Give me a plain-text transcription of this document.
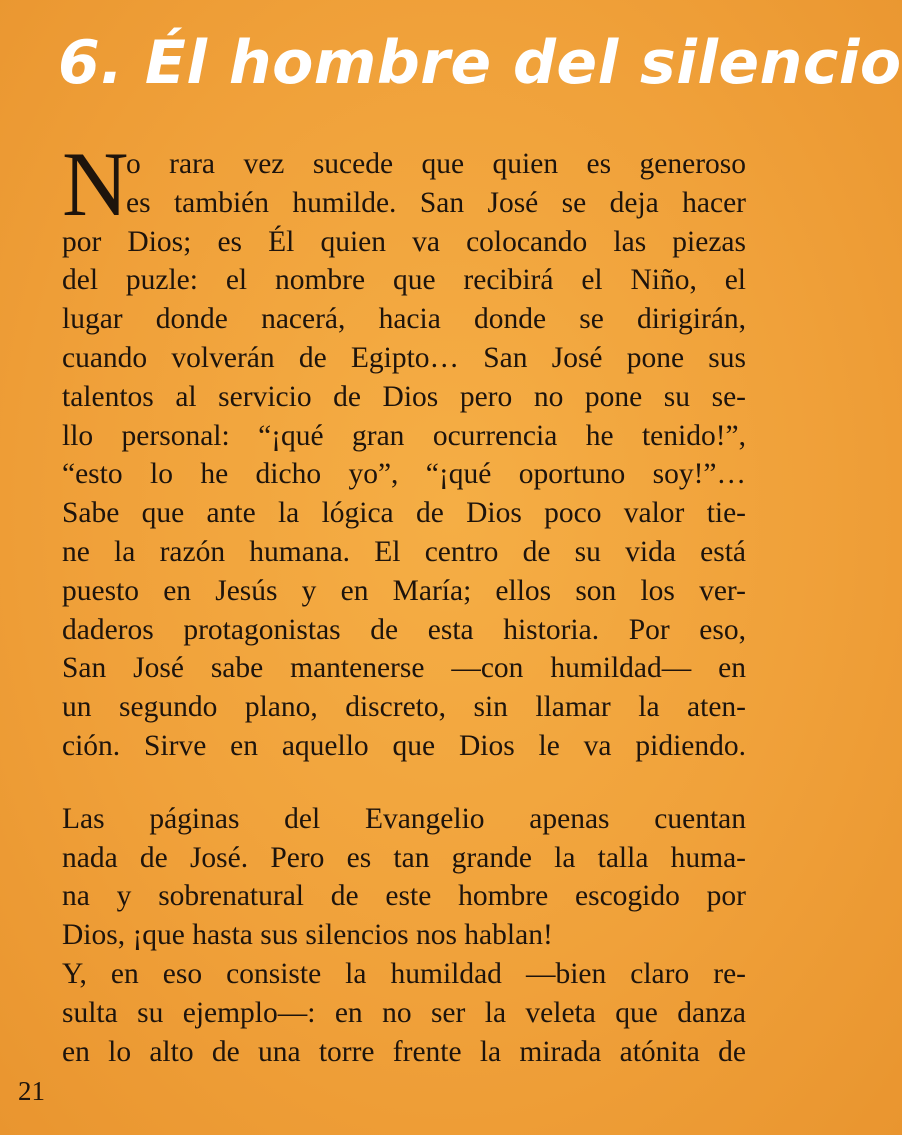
6. Él hombre del silencio
N
o rara vez sucede que quien es generoso
es también humilde. San José se deja hacer
por Dios; es Él quien va colocando las piezas
del puzle: el nombre que recibirá el Niño, el
lugar donde nacerá, hacia donde se dirigirán,
cuando volverán de Egipto… San José pone sus
talentos al servicio de Dios pero no pone su se-
llo personal: “¡qué gran ocurrencia he tenido!”,
“esto lo he dicho yo”, “¡qué oportuno soy!”…
Sabe que ante la lógica de Dios poco valor tie-
ne la razón humana. El centro de su vida está
puesto en Jesús y en María; ellos son los ver-
daderos protagonistas de esta historia. Por eso,
San José sabe mantenerse —con humildad— en
un segundo plano, discreto, sin llamar la aten-
ción. Sirve en aquello que Dios le va pidiendo.
Las páginas del Evangelio apenas cuentan
nada de José. Pero es tan grande la talla huma-
na y sobrenatural de este hombre escogido por
Dios, ¡que hasta sus silencios nos hablan!
Y, en eso consiste la humildad —bien claro re-
sulta su ejemplo—: en no ser la veleta que danza
en lo alto de una torre frente la mirada atónita de
21
